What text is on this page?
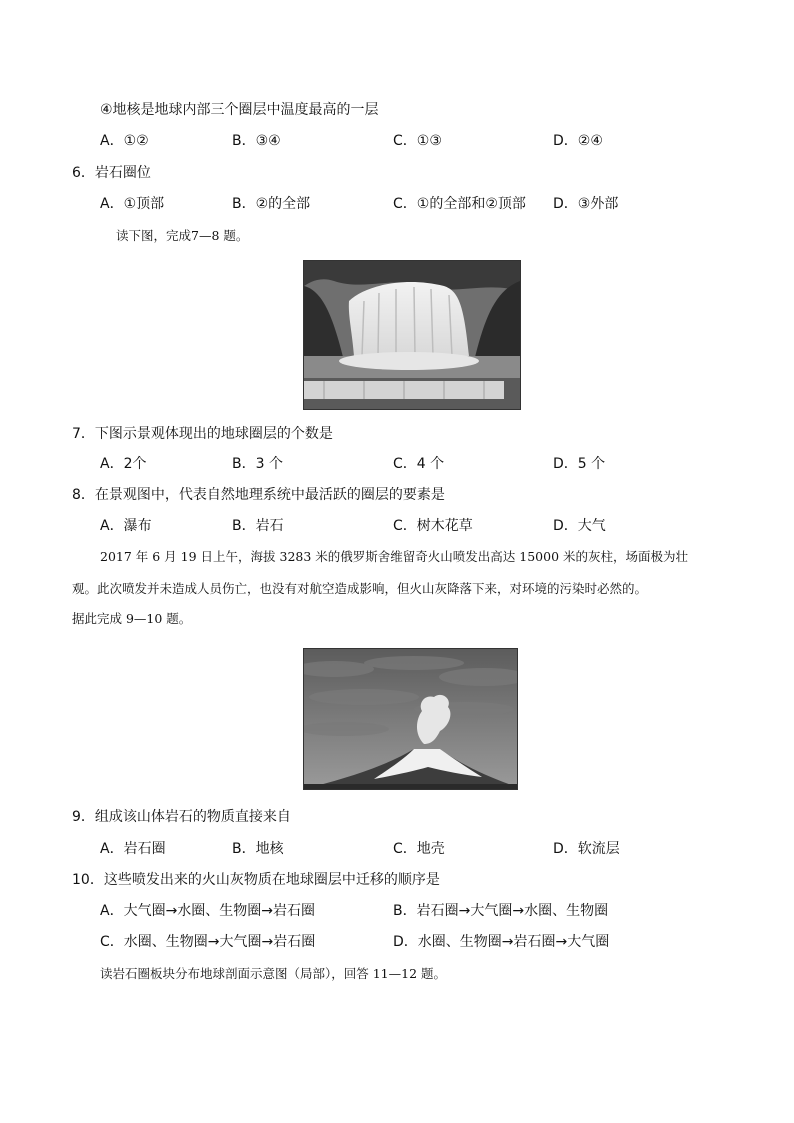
④地核是地球内部三个圈层中温度最高的一层
A．①②	B．③④	C．①③	D．②④
6．岩石圈位
A．①顶部	B．②的全部	C．①的全部和②顶部 D．③外部
读下图，完成7—8 题。
7．下图示景观体现出的地球圈层的个数是
A．2个	B．3 个	C．4 个	D．5 个
8．在景观图中，代表自然地理系统中最活跃的圈层的要素是
A．瀑布	B．岩石	C．树木花草	D．大气
2017 年 6 月 19 日上午，海拔 3283 米的俄罗斯舍维留奇火山喷发出高达 15000 米的灰柱，场面极为壮
观。此次喷发并未造成人员伤亡，也没有对航空造成影响，但火山灰降落下来，对环境的污染时必然的。
据此完成 9—10 题。
9．组成该山体岩石的物质直接来自
A．岩石圈	B．地核	C．地壳	D．软流层
10．这些喷发出来的火山灰物质在地球圈层中迁移的顺序是
A．大气圈→水圈、生物圈→岩石圈	B．岩石圈→大气圈→水圈、生物圈
C．水圈、生物圈→大气圈→岩石圈	D．水圈、生物圈→岩石圈→大气圈
读岩石圈板块分布地球剖面示意图（局部），回答 11—12 题。
